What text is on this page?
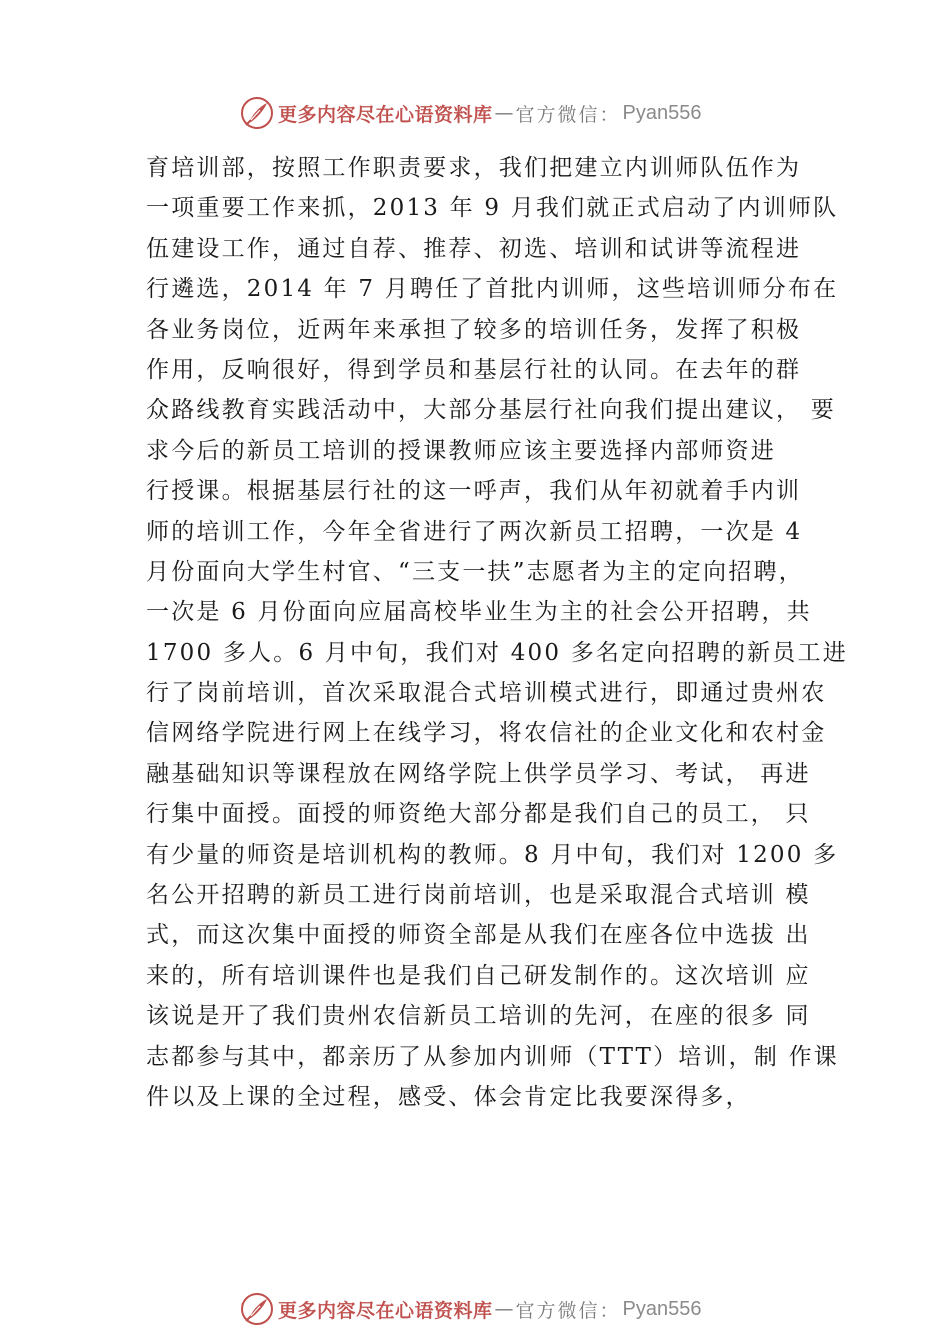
更多内容尽在心语资料库 — 官方微信： Pyan556
育培训部，按照工作职责要求，我们把建立内训师队伍作为
一项重要工作来抓，2013 年 9 月我们就正式启动了内训师队
伍建设工作，通过自荐、推荐、初选、培训和试讲等流程进
行遴选，2014 年 7 月聘任了首批内训师，这些培训师分布在
各业务岗位，近两年来承担了较多的培训任务，发挥了积极
作用，反响很好，得到学员和基层行社的认同。在去年的群
众路线教育实践活动中，大部分基层行社向我们提出建议， 要
求今后的新员工培训的授课教师应该主要选择内部师资进
行授课。根据基层行社的这一呼声，我们从年初就着手内训
师的培训工作，今年全省进行了两次新员工招聘，一次是 4
月份面向大学生村官、“三支一扶”志愿者为主的定向招聘，
一次是 6 月份面向应届高校毕业生为主的社会公开招聘，共
1700 多人。6 月中旬，我们对 400 多名定向招聘的新员工进
行了岗前培训，首次采取混合式培训模式进行，即通过贵州农
信网络学院进行网上在线学习，将农信社的企业文化和农村金
融基础知识等课程放在网络学院上供学员学习、考试， 再进
行集中面授。面授的师资绝大部分都是我们自己的员工， 只
有少量的师资是培训机构的教师。8 月中旬，我们对 1200 多
名公开招聘的新员工进行岗前培训，也是采取混合式培训 模
式，而这次集中面授的师资全部是从我们在座各位中选拔 出
来的，所有培训课件也是我们自己研发制作的。这次培训 应
该说是开了我们贵州农信新员工培训的先河，在座的很多 同
志都参与其中，都亲历了从参加内训师（TTT）培训，制 作课
件以及上课的全过程，感受、体会肯定比我要深得多，
更多内容尽在心语资料库 — 官方微信： Pyan556
